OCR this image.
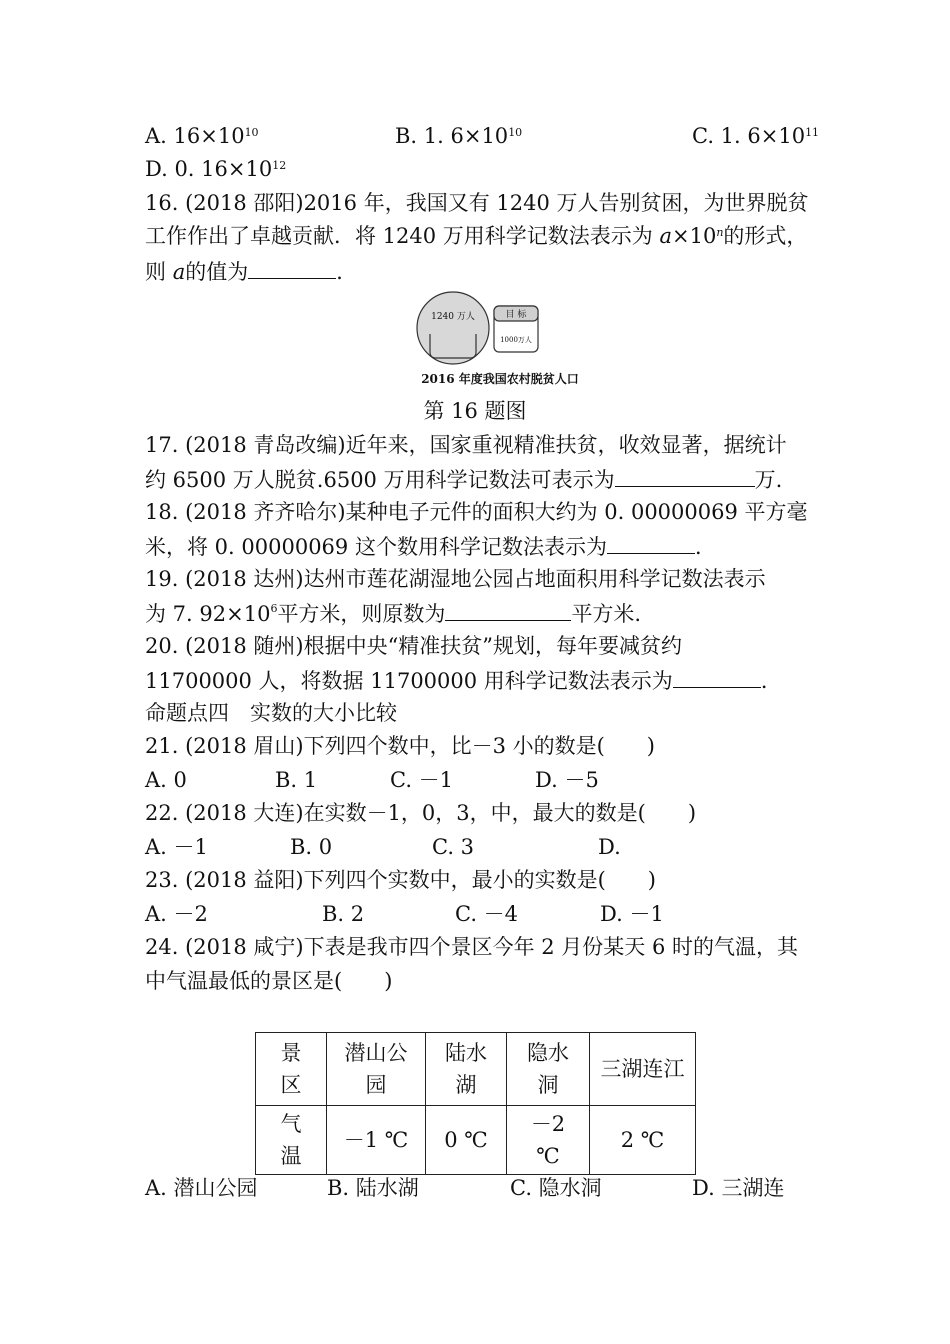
A. $16\times 10^{10}$	B. 1. $6\times 10^{10}$	C. 1. $6\times 10^{11}$
D. 0. $16\times 10^{12}$
16. (2018 邵阳)2016 年，我国又有 1240 万人告别贫困，为世界脱贫
工作作出了卓越贡献．将 1240 万用科学记数法表示为 $a\times 10^n$的形式，
则 a的值为	．
1240 万人	目 标
1000万人
2016 年度我国农村脱贫人口
第 16 题图
17. (2018 青岛改编)近年来，国家重视精准扶贫，收效显著，据统计
约 6500 万人脱贫.6500 万用科学记数法可表示为	万.
18. (2018 齐齐哈尔)某种电子元件的面积大约为 0. 00000069 平方毫
米，将 0. 00000069 这个数用科学记数法表示为	．
19. (2018 达州)达州市莲花湖湿地公园占地面积用科学记数法表示
为 7. $92\times 10^6$平方米，则原数为	平方米.
20. (2018 随州)根据中央“精准扶贫”规划，每年要减贫约
11700000 人，将数据 11700000 用科学记数法表示为	．
命题点四　实数的大小比较
21. (2018 眉山)下列四个数中，比－3 小的数是(　　)
A. 0	B. 1	C. －1	D. －5
22. (2018 大连)在实数－1，0，3，中，最大的数是(　　)
A. －1	B. 0	C. 3	D.
23. (2018 益阳)下列四个实数中，最小的实数是(　　)
A. －2	B. 2	C. －4	D. －1
24. (2018 咸宁)下表是我市四个景区今年 2 月份某天 6 时的气温，其
中气温最低的景区是(　　)
景区	潜山公园	陆水湖	隐水洞	三湖连江

气温	－1 ℃	0 ℃	－2 ℃	2 ℃
A. 潜山公园	B. 陆水湖	C. 隐水洞	D. 三湖连
